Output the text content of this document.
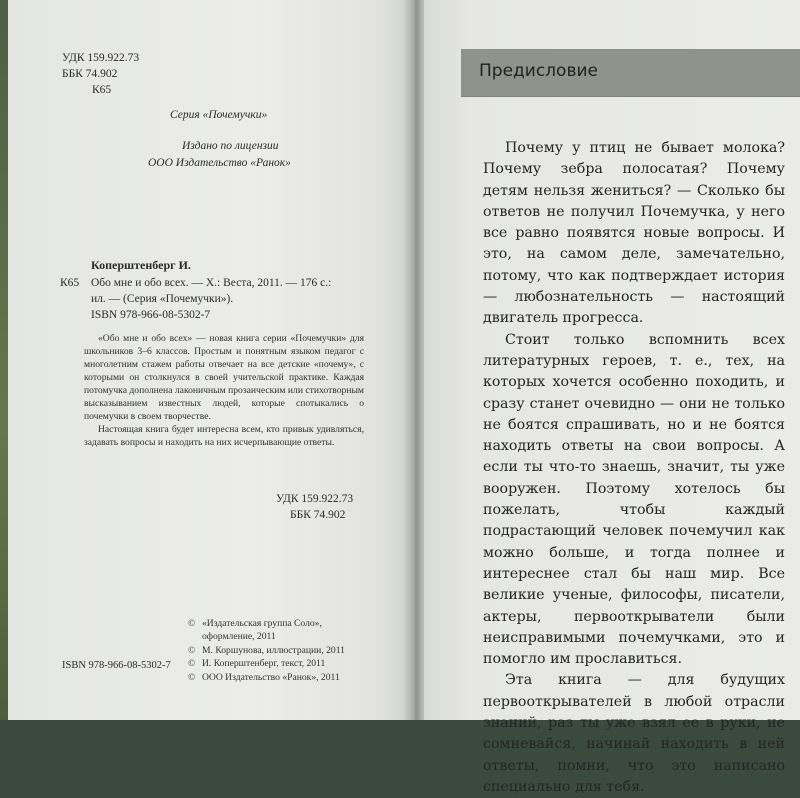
УДК 159.922.73
ББК 74.902
К65
Серия «Почемучки»
Издано по лицензии
ООО Издательство «Ранок»
Коперштенберг И.
К65 Обо мне и обо всех. — Х.: Веста, 2011. — 176 с.:
ил. — (Серия «Почемучки»).
ISBN 978-966-08-5302-7

«Обо мне и обо всех» — новая книга серии «Почемучки» для школьников 3–6 классов. Простым и понятным языком педагог с многолетним стажем работы отвечает на все детские «почему», с которыми он столкнулся в своей учительской практике. Каждая потомучка дополнена лаконичным прозаическим или стихотворным высказыванием известных людей, которые спотыкались о почемучки в своем творчестве.

Настоящая книга будет интересна всем, кто привык удивляться, задавать вопросы и находить на них исчерпывающие ответы.

УДК 159.922.73
ББК 74.902
ISBN 978-966-08-5302-7
© «Издательская группа Соло»,
оформление, 2011
© М. Коршунова, иллюстрации, 2011
© И. Коперштенберг, текст, 2011
© ООО Издательство «Ранок», 2011
Предисловие

Почему у птиц не бывает молока? Почему зебра полосатая? Почему детям нельзя жениться? — Сколько бы ответов не получил Почемучка, у него все равно появятся новые вопросы. И это, на самом деле, замечательно, потому, что как подтверждает история — любознательность — настоящий двигатель прогресса.

Стоит только вспомнить всех литературных героев, т. е., тех, на которых хочется особенно походить, и сразу станет очевидно — они не только не боятся спрашивать, но и не боятся находить ответы на свои вопросы. А если ты что-то знаешь, значит, ты уже вооружен. Поэтому хотелось бы пожелать, чтобы каждый подрастающий человек почемучил как можно больше, и тогда полнее и интереснее стал бы наш мир. Все великие ученые, философы, писатели, актеры, первооткрыватели были неисправимыми почемучками, это и помогло им прославиться.

Эта книга — для будущих первооткрывателей в любой отрасли знаний, раз ты уже взял ее в руки, не сомневайся, начинай находить в ней ответы, помни, что это написано специально для тебя.
